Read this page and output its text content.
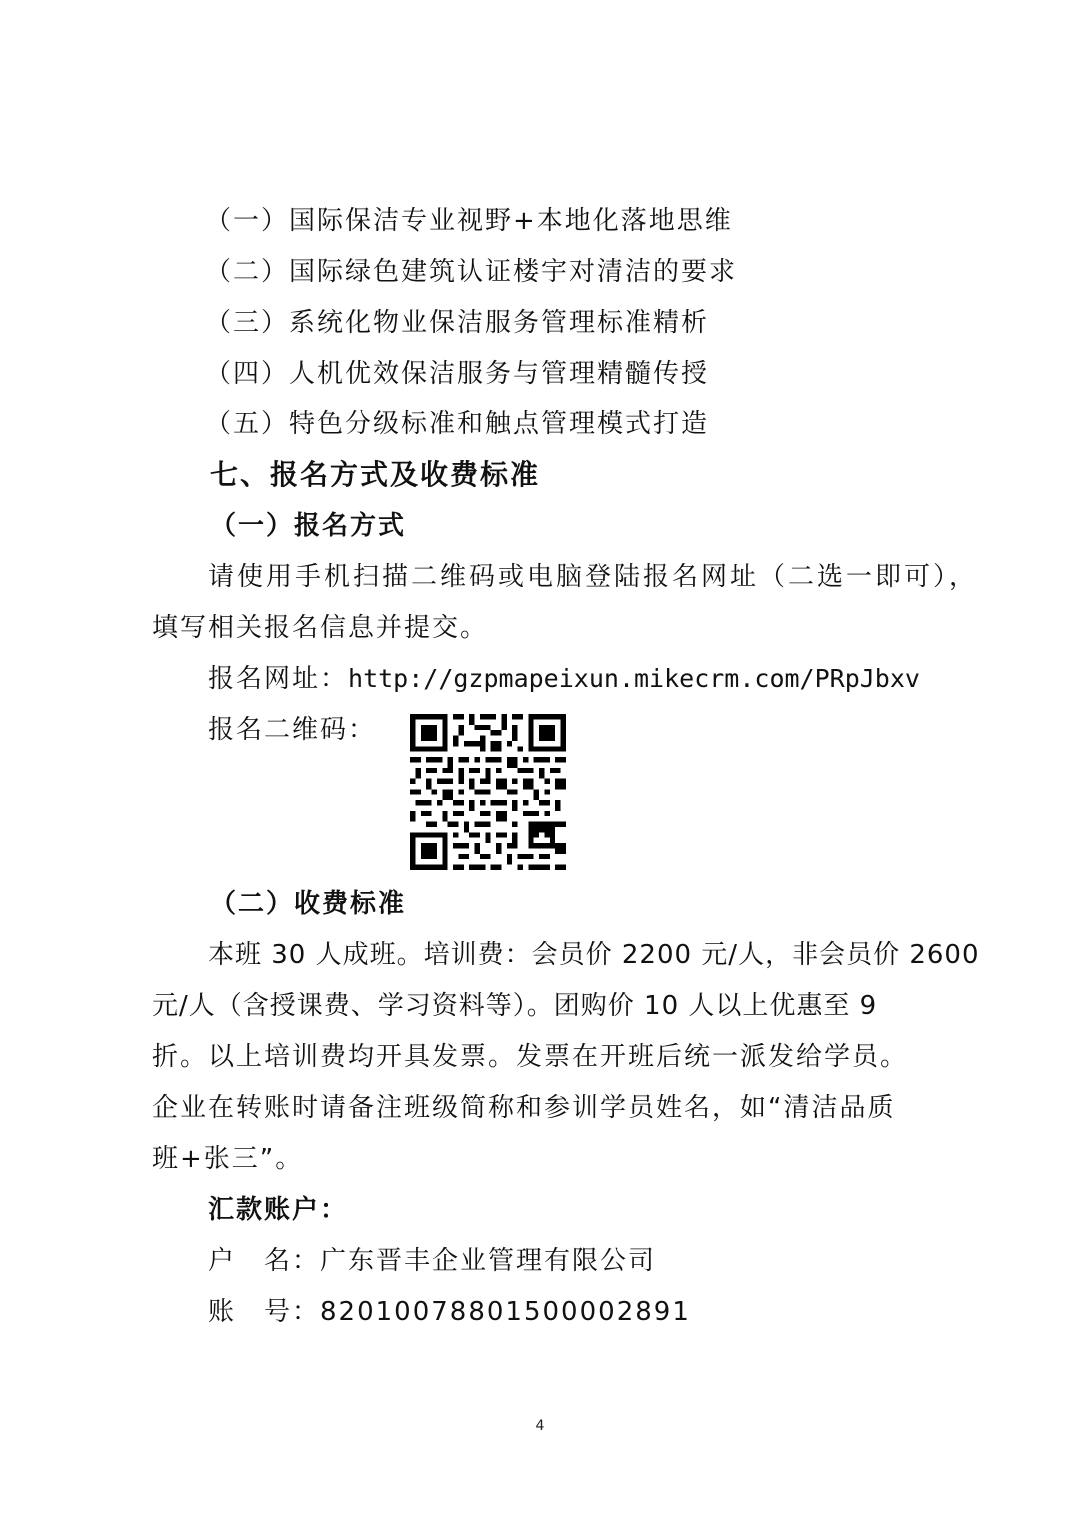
（一）国际保洁专业视野+本地化落地思维
（二）国际绿色建筑认证楼宇对清洁的要求
（三）系统化物业保洁服务管理标准精析
（四）人机优效保洁服务与管理精髓传授
（五）特色分级标准和触点管理模式打造
七、报名方式及收费标准
（一）报名方式
请使用手机扫描二维码或电脑登陆报名网址（二选一即可），
填写相关报名信息并提交。
报名网址：http://gzpmapeixun.mikecrm.com/PRpJbxv
报名二维码：
（二）收费标准
本班 30 人成班。培训费：会员价 2200 元/人，非会员价 2600
元/人（含授课费、学习资料等）。团购价 10 人以上优惠至 9
折。以上培训费均开具发票。发票在开班后统一派发给学员。
企业在转账时请备注班级简称和参训学员姓名，如“清洁品质
班+张三”。
汇款账户：
户　名：广东晋丰企业管理有限公司
账　号：8201007880150000289​1
4
